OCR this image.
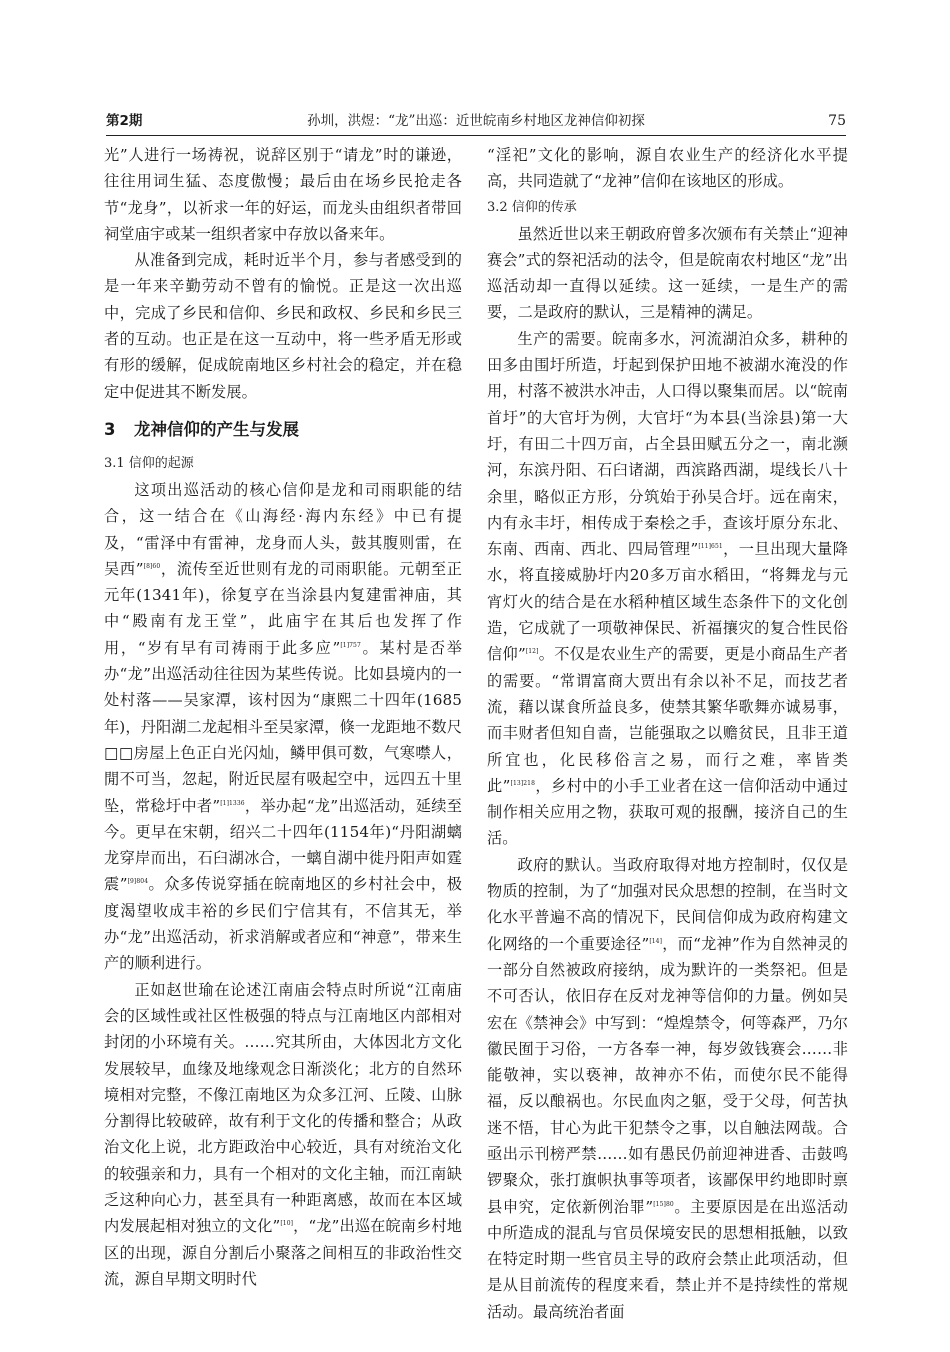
第2期	孙圳，洪煜：“龙”出巡：近世皖南乡村地区龙神信仰初探	75

光”人进行一场祷祝，说辞区别于“请龙”时的谦逊，往往用词生猛、态度傲慢；最后由在场乡民抢走各节“龙身”，以祈求一年的好运，而龙头由组织者带回祠堂庙宇或某一组织者家中存放以备来年。

从准备到完成，耗时近半个月，参与者感受到的是一年来辛勤劳动不曾有的愉悦。正是这一次出巡中，完成了乡民和信仰、乡民和政权、乡民和乡民三者的互动。也正是在这一互动中，将一些矛盾无形或有形的缓解，促成皖南地区乡村社会的稳定，并在稳定中促进其不断发展。

3 龙神信仰的产生与发展
3.1 信仰的起源

这项出巡活动的核心信仰是龙和司雨职能的结合，这一结合在《山海经·海内东经》中已有提及，“雷泽中有雷神，龙身而人头，鼓其腹则雷，在吴西”$^{[8]60}$，流传至近世则有龙的司雨职能。元朝至正元年(1341年)，徐复亨在当涂县内复建雷神庙，其中“殿南有龙王堂”，此庙宇在其后也发挥了作用，“岁有早有司祷雨于此多应”$^{[1]757}$。某村是否举办“龙”出巡活动往往因为某些传说。比如县境内的一处村落——吴家潭，该村因为“康熙二十四年(1685年)，丹阳湖二龙起相斗至吴家潭，倏一龙距地不数尺□□房屋上色正白光闪灿，鳞甲俱可数，气寒噤人，閒不可当，忽起，附近民屋有吸起空中，远四五十里坠，常稔圩中者”$^{[1]1336}$，举办起“龙”出巡活动，延续至今。更早在宋朝，绍兴二十四年(1154年)“丹阳湖螭龙穿岸而出，石臼湖冰合，一螭自湖中徙丹阳声如霆震”$^{[9]804}$。众多传说穿插在皖南地区的乡村社会中，极度渴望收成丰裕的乡民们宁信其有，不信其无，举办“龙”出巡活动，祈求消解或者应和“神意”，带来生产的顺利进行。

正如赵世瑜在论述江南庙会特点时所说“江南庙会的区域性或社区性极强的特点与江南地区内部相对封闭的小环境有关。……究其所由，大体因北方文化发展较早，血缘及地缘观念日渐淡化；北方的自然环境相对完整，不像江南地区为众多江河、丘陵、山脉分割得比较破碎，故有利于文化的传播和整合；从政治文化上说，北方距政治中心较近，具有对统治文化的较强亲和力，具有一个相对的文化主轴，而江南缺乏这种向心力，甚至具有一种距离感，故而在本区域内发展起相对独立的文化”[10]，“龙”出巡在皖南乡村地区的出现，源自分割后小聚落之间相互的非政治性交流，源自早期文明时代

“淫祀”文化的影响，源自农业生产的经济化水平提高，共同造就了“龙神”信仰在该地区的形成。

3.2 信仰的传承

虽然近世以来王朝政府曾多次颁布有关禁止“迎神赛会”式的祭祀活动的法令，但是皖南农村地区“龙”出巡活动却一直得以延续。这一延续，一是生产的需要，二是政府的默认，三是精神的满足。

生产的需要。皖南多水，河流湖泊众多，耕种的田多由围圩所造，圩起到保护田地不被湖水淹没的作用，村落不被洪水冲击，人口得以聚集而居。以“皖南首圩”的大官圩为例，大官圩“为本县(当涂县)第一大圩，有田二十四万亩，占全县田赋五分之一，南北濒河，东滨丹阳、石臼诸湖，西滨路西湖，堤线长八十余里，略似正方形，分筑始于孙吴合圩。远在南宋，内有永丰圩，相传成于秦桧之手，查该圩原分东北、东南、西南、西北、四局管理”$^{[11]651}$，一旦出现大量降水，将直接威胁圩内20多万亩水稻田，“将舞龙与元宵灯火的结合是在水稻种植区域生态条件下的文化创造，它成就了一项敬神保民、祈福攘灾的复合性民俗信仰”[12]。不仅是农业生产的需要，更是小商品生产者的需要。“常谓富商大贾出有余以补不足，而技艺者流，藉以谋食所益良多，使禁其繁华歌舞亦诚易事，而丰财者但知自啬，岂能强取之以赡贫民，且非王道所宜也，化民移俗言之易，而行之难，率皆类此”$^{[13]218}$，乡村中的小手工业者在这一信仰活动中通过制作相关应用之物，获取可观的报酬，接济自己的生活。

政府的默认。当政府取得对地方控制时，仅仅是物质的控制，为了“加强对民众思想的控制，在当时文化水平普遍不高的情况下，民间信仰成为政府构建文化网络的一个重要途径”[14]，而“龙神”作为自然神灵的一部分自然被政府接纳，成为默许的一类祭祀。但是不可否认，依旧存在反对龙神等信仰的力量。例如吴宏在《禁神会》中写到：“煌煌禁令，何等森严，乃尔徽民囿于习俗，一方各奉一神，每岁敛钱赛会……非能敬神，实以亵神，故神亦不佑，而使尔民不能得福，反以酿祸也。尔民血肉之躯，受于父母，何苦执迷不悟，甘心为此干犯禁令之事，以自触法网哉。合亟出示刊榜严禁……如有愚民仍前迎神进香、击鼓鸣锣聚众，张打旗帜执事等项者，该鄙保甲约地即时禀县申究，定依新例治罪”$^{[15]80}$。主要原因是在出巡活动中所造成的混乱与官员保境安民的思想相抵触，以致在特定时期一些官员主导的政府会禁止此项活动，但是从目前流传的程度来看，禁止并不是持续性的常规活动。最高统治者面
